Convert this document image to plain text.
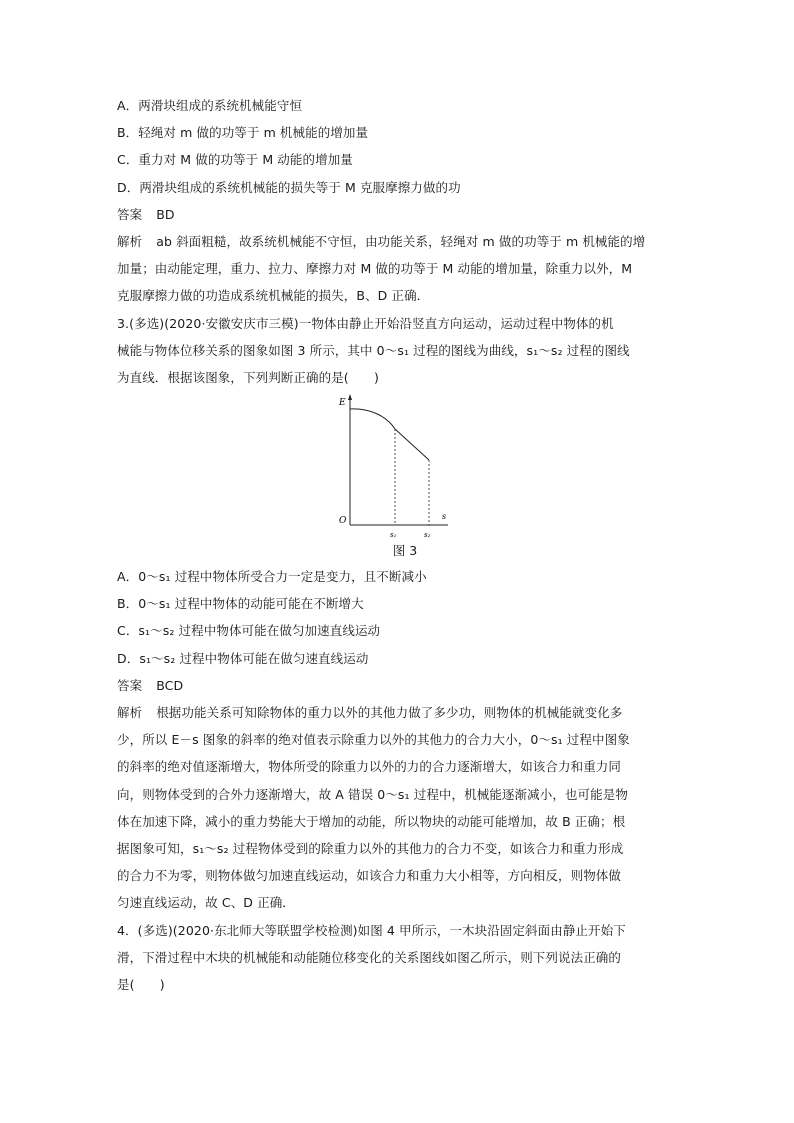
A．两滑块组成的系统机械能守恒
B．轻绳对 m 做的功等于 m 机械能的增加量
C．重力对 M 做的功等于 M 动能的增加量
D．两滑块组成的系统机械能的损失等于 M 克服摩擦力做的功
答案 BD
解析 ab 斜面粗糙，故系统机械能不守恒，由功能关系，轻绳对 m 做的功等于 m 机械能的增
加量；由动能定理，重力、拉力、摩擦力对 M 做的功等于 M 动能的增加量，除重力以外，M
克服摩擦力做的功造成系统机械能的损失，B、D 正确．
3.(多选)(2020·安徽安庆市三模)一物体由静止开始沿竖直方向运动，运动过程中物体的机
械能与物体位移关系的图象如图 3 所示，其中 0～s₁ 过程的图线为曲线，s₁～s₂ 过程的图线
为直线．根据该图象，下列判断正确的是(　　)
E
s
O
s₁	s₂
图 3
A．0～s₁ 过程中物体所受合力一定是变力，且不断减小
B．0～s₁ 过程中物体的动能可能在不断增大
C．s₁～s₂ 过程中物体可能在做匀加速直线运动
D．s₁～s₂ 过程中物体可能在做匀速直线运动
答案 BCD
解析 根据功能关系可知除物体的重力以外的其他力做了多少功，则物体的机械能就变化多
少，所以 E－s 图象的斜率的绝对值表示除重力以外的其他力的合力大小，0～s₁ 过程中图象
的斜率的绝对值逐渐增大，物体所受的除重力以外的力的合力逐渐增大，如该合力和重力同
向，则物体受到的合外力逐渐增大，故 A 错误 0～s₁ 过程中，机械能逐渐减小，也可能是物
体在加速下降，减小的重力势能大于增加的动能，所以物块的动能可能增加，故 B 正确；根
据图象可知，s₁～s₂ 过程物体受到的除重力以外的其他力的合力不变，如该合力和重力形成
的合力不为零，则物体做匀加速直线运动，如该合力和重力大小相等，方向相反，则物体做
匀速直线运动，故 C、D 正确．
4．(多选)(2020·东北师大等联盟学校检测)如图 4 甲所示，一木块沿固定斜面由静止开始下
滑，下滑过程中木块的机械能和动能随位移变化的关系图线如图乙所示，则下列说法正确的
是(　　)
